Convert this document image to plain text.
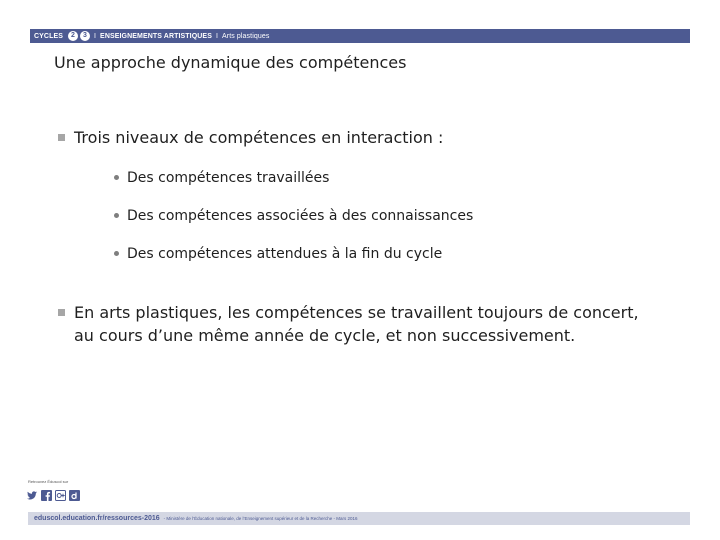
CYCLES	2	3	I ENSEIGNEMENTS ARTISTIQUES I Arts plastiques
Une approche dynamique des compétences
Trois niveaux de compétences en interaction :
Des compétences travaillées
Des compétences associées à des connaissances
Des compétences attendues à la fin du cycle
En arts plastiques, les compétences se travaillent toujours de concert, au cours d’une même année de cycle, et non successivement.
Retrouvez Éduscol sur
eduscol.education.fr/ressources-2016 - Ministère de l’Éducation nationale, de l’Enseignement supérieur et de la Recherche - Mars 2016
